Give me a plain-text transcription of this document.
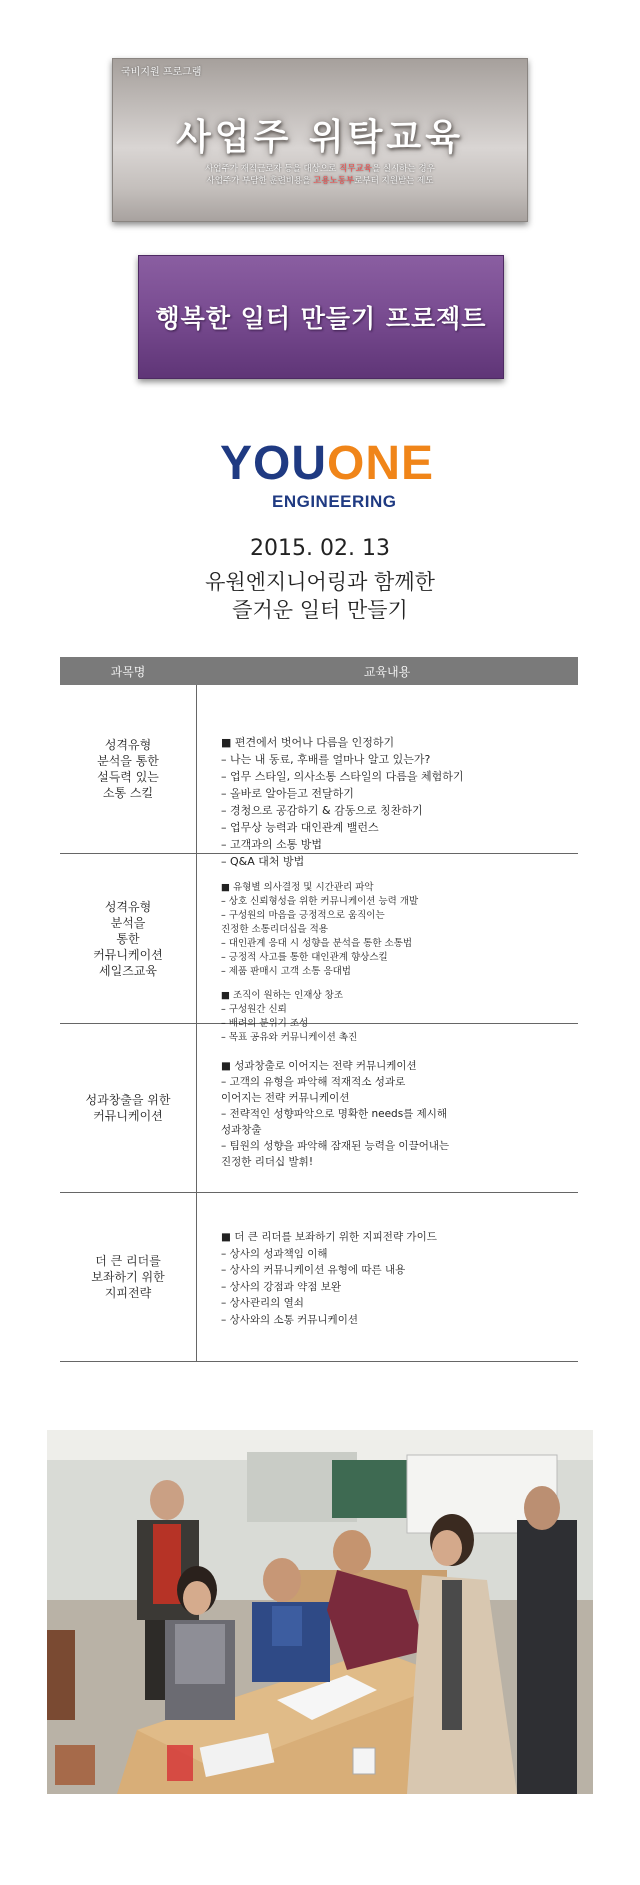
국비지원 프로그램
사업주 위탁교육
사업주가 재직근로자 등을 대상으로 직무교육을 실시하는 경우
사업주가 부담한 훈련비용을 고용노동부로부터 지원받는 제도
행복한 일터 만들기 프로젝트
YOUONE
ENGINEERING
2015. 02. 13
유원엔지니어링과 함께한
즐거운 일터 만들기
과목명	교육내용
성격유형
분석을 통한
설득력 있는
소통 스킬
■ 편견에서 벗어나 다름을 인정하기
– 나는 내 동료, 후배를 얼마나 알고 있는가?
– 업무 스타일, 의사소통 스타일의 다름을 체험하기
– 올바로 알아듣고 전달하기
– 경청으로 공감하기 & 감동으로 칭찬하기
– 업무상 능력과 대인관계 밸런스
– 고객과의 소통 방법
– Q&A 대처 방법
성격유형
분석을
통한
커뮤니케이션
세일즈교육
■ 유형별 의사결정 및 시간관리 파악
– 상호 신뢰형성을 위한 커뮤니케이션 능력 개발
– 구성원의 마음을 긍정적으로 움직이는
진정한 소통리더십을 적용
– 대인관계 응대 시 성향을 분석을 통한 소통법
– 긍정적 사고를 통한 대인관계 향상스킬
– 제품 판매시 고객 소통 응대법
■ 조직이 원하는 인재상 창조
– 구성원간 신뢰
– 배려의 분위기 조성
– 목표 공유와 커뮤니케이션 촉진
성과창출을 위한
커뮤니케이션
■ 성과창출로 이어지는 전략 커뮤니케이션
– 고객의 유형을 파악해 적재적소 성과로
이어지는 전략 커뮤니케이션
– 전략적인 성향파악으로 명확한 needs를 제시해
성과창출
– 팀원의 성향을 파악해 잠재된 능력을 이끌어내는
진정한 리더십 발휘!
더 큰 리더를
보좌하기 위한
지피전략
■ 더 큰 리더를 보좌하기 위한 지피전략 가이드
– 상사의 성과책임 이해
– 상사의 커뮤니케이션 유형에 따른 내용
– 상사의 강점과 약점 보완
– 상사관리의 열쇠
– 상사와의 소통 커뮤니케이션
